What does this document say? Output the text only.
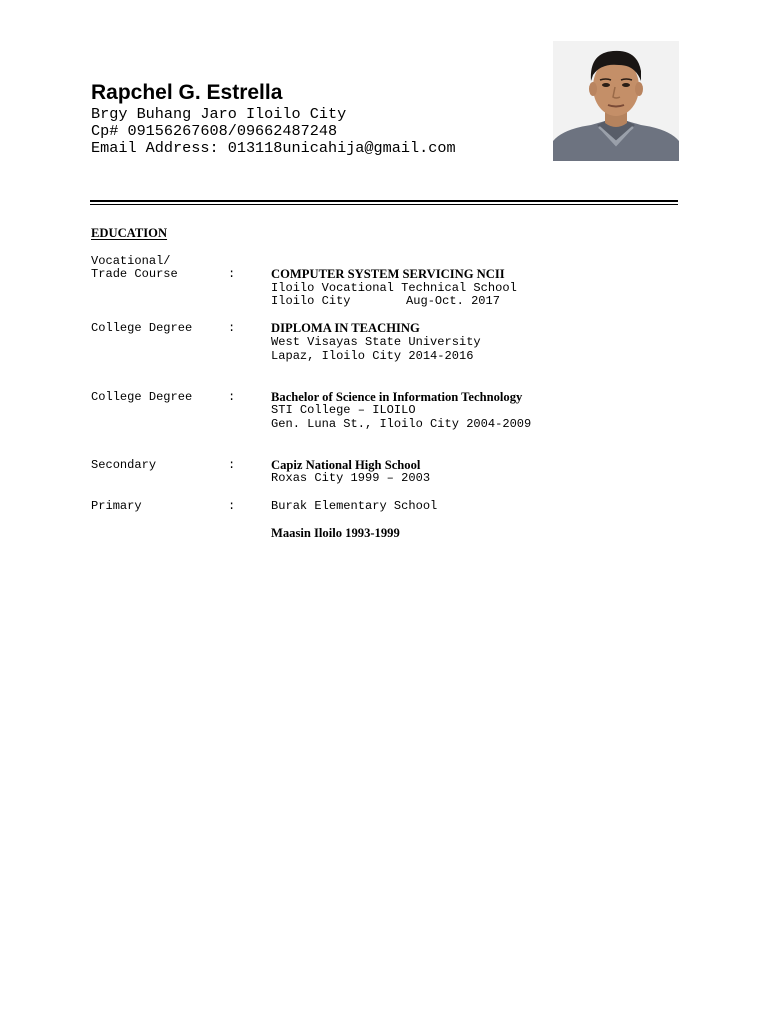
Rapchel G. Estrella
Brgy Buhang Jaro Iloilo City
Cp# 09156267608/09662487248
Email Address: 013118unicahija@gmail.com
EDUCATION
Vocational/
Trade Course	:	COMPUTER SYSTEM SERVICING NCII
Iloilo Vocational Technical School
Iloilo City	Aug-Oct. 2017
College Degree	:	DIPLOMA IN TEACHING
West Visayas State University
Lapaz, Iloilo City 2014-2016
College Degree	:	Bachelor of Science in Information Technology
STI College – ILOILO
Gen. Luna St., Iloilo City 2004-2009
Secondary	:	Capiz National High School
Roxas City 1999 – 2003
Primary	:	Burak Elementary School
Maasin Iloilo 1993-1999
